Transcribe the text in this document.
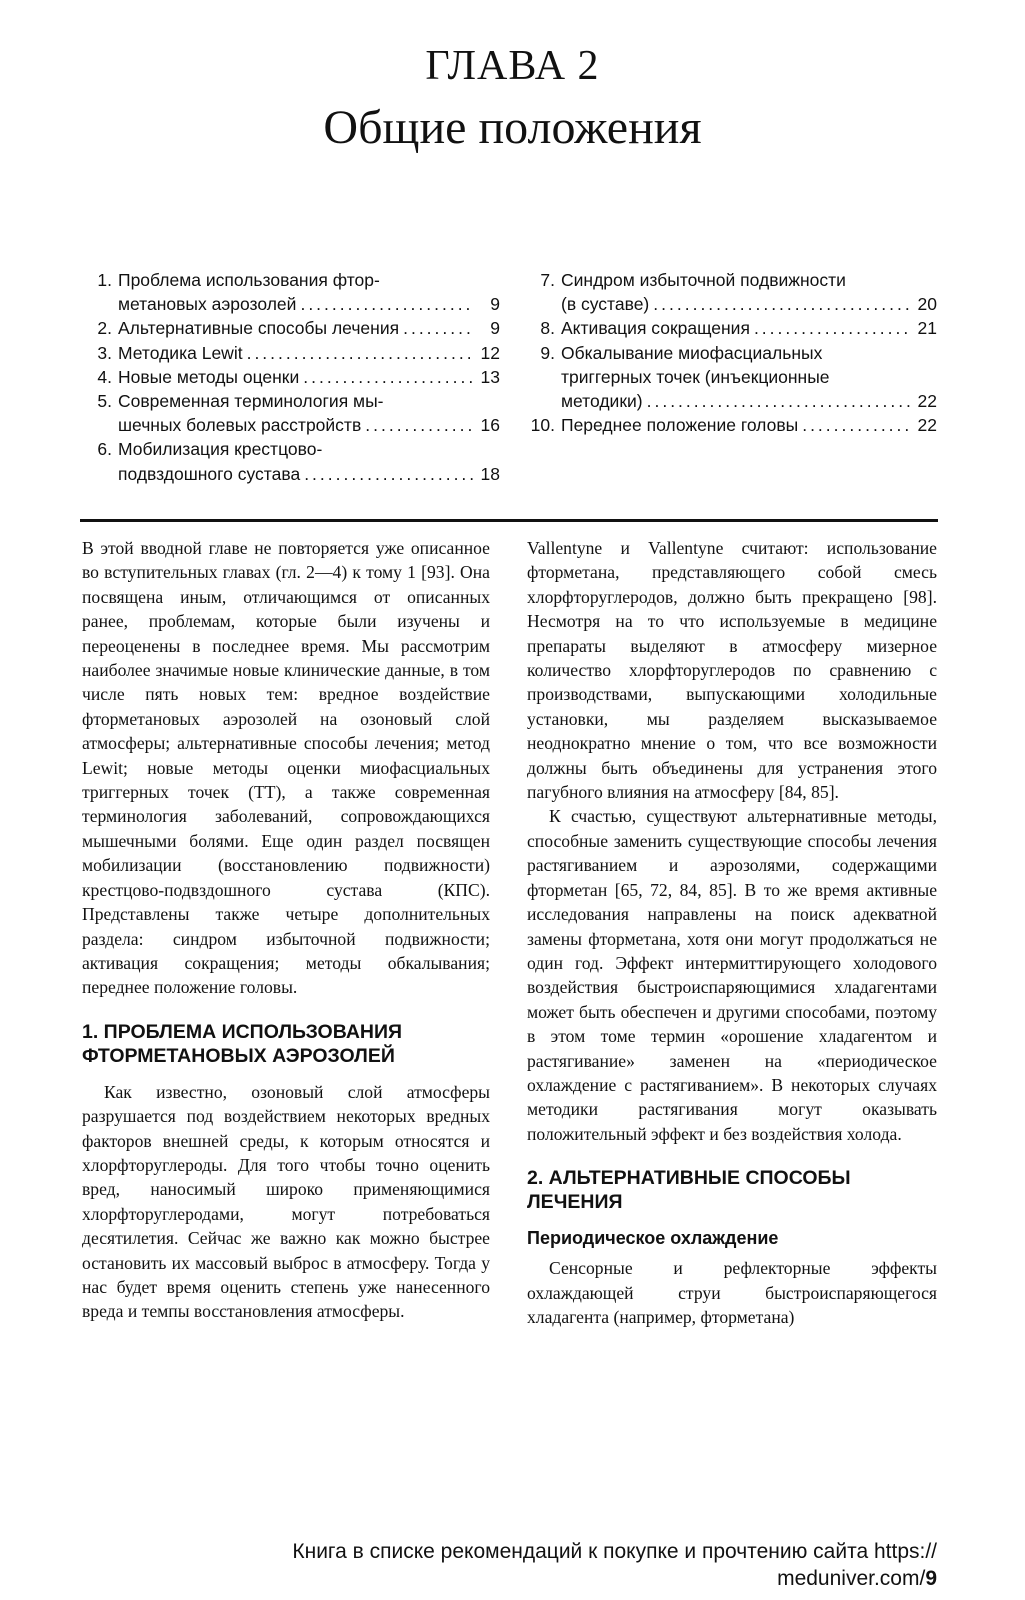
ГЛАВА 2
Общие положения
1. Проблема использования фтор-
метановых аэрозолей .....	9
2. Альтернативные способы лечения .....	9
3. Методика Lewit .....	12
4. Новые методы оценки .....	13
5. Современная терминология мы-
шечных болевых расстройств .....	16
6. Мобилизация крестцово-
подвздошного сустава .....	18
7. Синдром избыточной подвижности
(в суставе) .....	20
8. Активация сокращения .....	21
9. Обкалывание миофасциальных
триггерных точек (инъекционные
методики) .....	22
10. Переднее положение головы .....	22

В этой вводной главе не повторяется уже описанное во вступительных главах (гл. 2—4) к тому 1 [93]. Она посвящена иным, отличающимся от описанных ранее, проблемам, которые были изучены и переоценены в последнее время. Мы рассмотрим наиболее значимые новые клинические данные, в том числе пять новых тем: вредное воздействие фторметановых аэрозолей на озоновый слой атмосферы; альтернативные способы лечения; метод Lewit; новые методы оценки миофасциальных триггерных точек (ТТ), а также современная терминология заболеваний, сопровождающихся мышечными болями. Еще один раздел посвящен мобилизации (восстановлению подвижности) крестцово-подвздошного сустава (КПС). Представлены также четыре дополнительных раздела: синдром избыточной подвижности; активация сокращения; методы обкалывания; переднее положение головы.

1. ПРОБЛЕМА ИСПОЛЬЗОВАНИЯ ФТОРМЕТАНОВЫХ АЭРОЗОЛЕЙ

Как известно, озоновый слой атмосферы разрушается под воздействием некоторых вредных факторов внешней среды, к которым относятся и хлорфторуглероды. Для того чтобы точно оценить вред, наносимый широко применяющимися хлорфторуглеродами, могут потребоваться десятилетия. Сейчас же важно как можно быстрее остановить их массовый выброс в атмосферу. Тогда у нас будет время оценить степень уже нанесенного вреда и темпы восстановления атмосферы.

Vallentyne и Vallentyne считают: использование фторметана, представляющего собой смесь хлорфторуглеродов, должно быть прекращено [98]. Несмотря на то что используемые в медицине препараты выделяют в атмосферу мизерное количество хлорфторуглеродов по сравнению с производствами, выпускающими холодильные установки, мы разделяем высказываемое неоднократно мнение о том, что все возможности должны быть объединены для устранения этого пагубного влияния на атмосферу [84, 85].

К счастью, существуют альтернативные методы, способные заменить существующие способы лечения растягиванием и аэрозолями, содержащими фторметан [65, 72, 84, 85]. В то же время активные исследования направлены на поиск адекватной замены фторметана, хотя они могут продолжаться не один год. Эффект интермиттирующего холодового воздействия быстроиспаряющимися хладагентами может быть обеспечен и другими способами, поэтому в этом томе термин «орошение хладагентом и растягивание» заменен на «периодическое охлаждение с растягиванием». В некоторых случаях методики растягивания могут оказывать положительный эффект и без воздействия холода.

2. АЛЬТЕРНАТИВНЫЕ СПОСОБЫ ЛЕЧЕНИЯ
Периодическое охлаждение

Сенсорные и рефлекторные эффекты охлаждающей струи быстроиспаряющегося хладагента (например, фторметана)

Книга в списке рекомендаций к покупке и прочтению сайта https://
meduniver.com/9
